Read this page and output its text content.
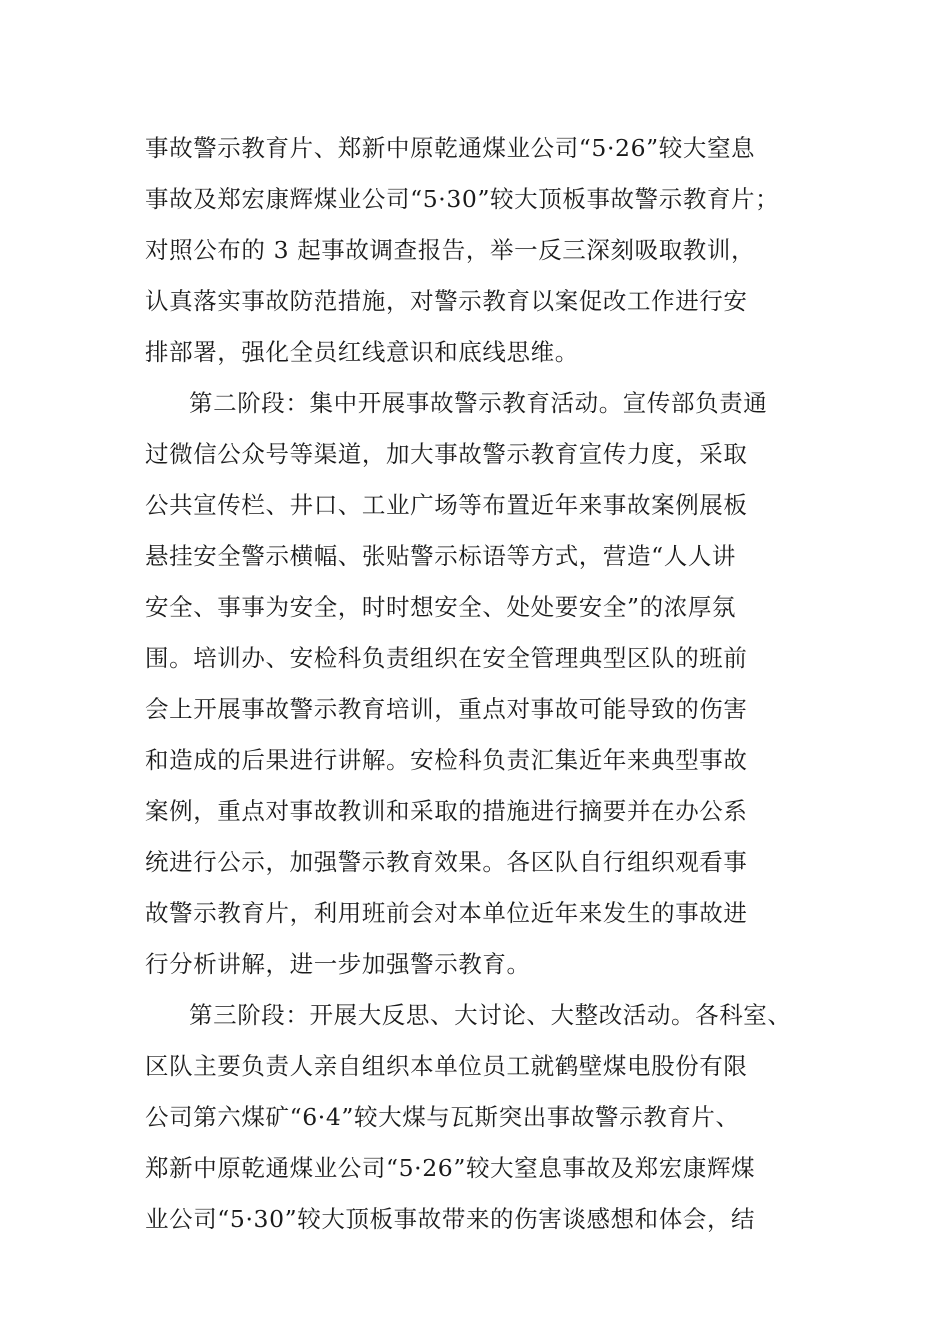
事故警示教育片、郑新中原乾通煤业公司“5·26”较大窒息
事故及郑宏康辉煤业公司“5·30”较大顶板事故警示教育片；
对照公布的 3 起事故调查报告，举一反三深刻吸取教训，
认真落实事故防范措施，对警示教育以案促改工作进行安
排部署，强化全员红线意识和底线思维。
第二阶段：集中开展事故警示教育活动。宣传部负责通
过微信公众号等渠道，加大事故警示教育宣传力度，采取
公共宣传栏、井口、工业广场等布置近年来事故案例展板
悬挂安全警示横幅、张贴警示标语等方式，营造“人人讲
安全、事事为安全，时时想安全、处处要安全”的浓厚氛
围。培训办、安检科负责组织在安全管理典型区队的班前
会上开展事故警示教育培训，重点对事故可能导致的伤害
和造成的后果进行讲解。安检科负责汇集近年来典型事故
案例，重点对事故教训和采取的措施进行摘要并在办公系
统进行公示，加强警示教育效果。各区队自行组织观看事
故警示教育片，利用班前会对本单位近年来发生的事故进
行分析讲解，进一步加强警示教育。
第三阶段：开展大反思、大讨论、大整改活动。各科室、
区队主要负责人亲自组织本单位员工就鹤壁煤电股份有限
公司第六煤矿“6·4”较大煤与瓦斯突出事故警示教育片、
郑新中原乾通煤业公司“5·26”较大窒息事故及郑宏康辉煤
业公司“5·30”较大顶板事故带来的伤害谈感想和体会，结
